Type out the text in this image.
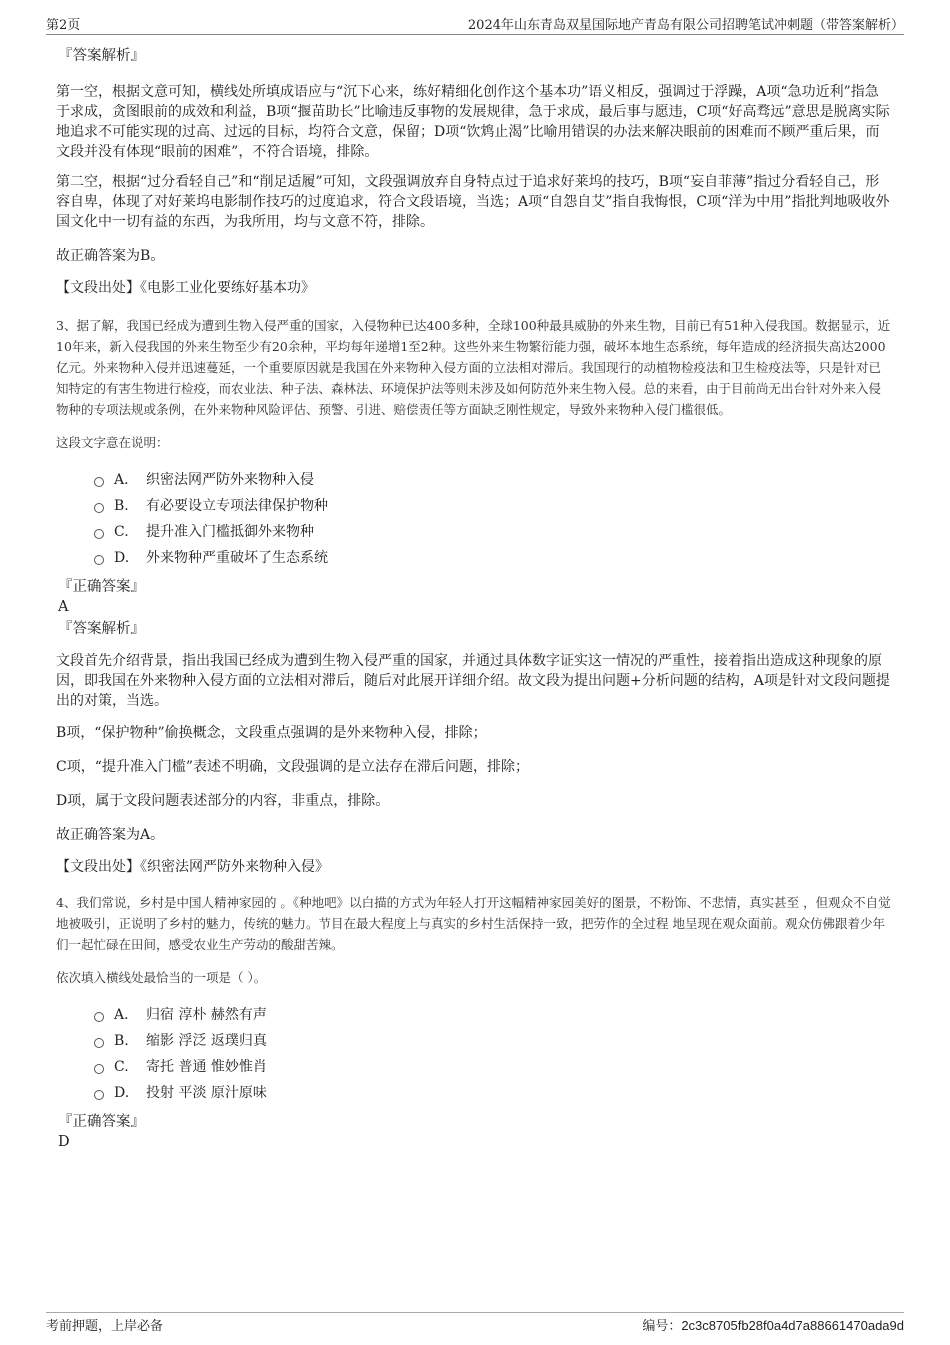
第2页	2024年山东青岛双星国际地产青岛有限公司招聘笔试冲刺题（带答案解析）
『答案解析』

第一空，根据文意可知，横线处所填成语应与“沉下心来，练好精细化创作这个基本功”语义相反，强调过于浮躁，A项“急功近利”指急于求成，贪图眼前的成效和利益，B项“揠苗助长”比喻违反事物的发展规律，急于求成，最后事与愿违，C项“好高骛远”意思是脱离实际地追求不可能实现的过高、过远的目标，均符合文意，保留；D项“饮鸩止渴”比喻用错误的办法来解决眼前的困难而不顾严重后果，而文段并没有体现“眼前的困难”，不符合语境，排除。

第二空，根据“过分看轻自己”和“削足适履”可知，文段强调放弃自身特点过于追求好莱坞的技巧，B项“妄自菲薄”指过分看轻自己，形容自卑，体现了对好莱坞电影制作技巧的过度追求，符合文段语境，当选；A项“自怨自艾”指自我悔恨，C项“洋为中用”指批判地吸收外国文化中一切有益的东西，为我所用，均与文意不符，排除。

故正确答案为B。

【文段出处】《电影工业化要练好基本功》

3、据了解，我国已经成为遭到生物入侵严重的国家，入侵物种已达400多种，全球100种最具威胁的外来生物，目前已有51种入侵我国。数据显示，近10年来，新入侵我国的外来生物至少有20余种，平均每年递增1至2种。这些外来生物繁衍能力强，破坏本地生态系统，每年造成的经济损失高达2000亿元。外来物种入侵并迅速蔓延，一个重要原因就是我国在外来物种入侵方面的立法相对滞后。我国现行的动植物检疫法和卫生检疫法等，只是针对已知特定的有害生物进行检疫，而农业法、种子法、森林法、环境保护法等则未涉及如何防范外来生物入侵。总的来看，由于目前尚无出台针对外来入侵物种的专项法规或条例，在外来物种风险评估、预警、引进、赔偿责任等方面缺乏刚性规定，导致外来物种入侵门槛很低。

这段文字意在说明：

A． 织密法网严防外来物种入侵
B.	有必要设立专项法律保护物种
C.	提升准入门槛抵御外来物种
D.	外来物种严重破坏了生态系统
『正确答案』
A
『答案解析』

文段首先介绍背景，指出我国已经成为遭到生物入侵严重的国家，并通过具体数字证实这一情况的严重性，接着指出造成这种现象的原因，即我国在外来物种入侵方面的立法相对滞后，随后对此展开详细介绍。故文段为提出问题+分析问题的结构，A项是针对文段问题提出的对策，当选。

B项，“保护物种”偷换概念，文段重点强调的是外来物种入侵，排除；

C项，“提升准入门槛”表述不明确，文段强调的是立法存在滞后问题，排除；

D项，属于文段问题表述部分的内容，非重点，排除。

故正确答案为A。

【文段出处】《织密法网严防外来物种入侵》

4、我们常说，乡村是中国人精神家园的 。《种地吧》以白描的方式为年轻人打开这幅精神家园美好的图景，不粉饰、不悲情，真实甚至 ，但观众不自觉地被吸引，正说明了乡村的魅力，传统的魅力。节目在最大程度上与真实的乡村生活保持一致，把劳作的全过程 地呈现在观众面前。观众仿佛跟着少年们一起忙碌在田间，感受农业生产劳动的酸甜苦辣。

依次填入横线处最恰当的一项是（ ）。

A． 归宿 淳朴 赫然有声
B.	缩影 浮泛 返璞归真
C.	寄托 普通 惟妙惟肖
D.	投射 平淡 原汁原味
『正确答案』
D
考前押题，上岸必备	编号：2c3c8705fb28f0a4d7a88661470ada9d
